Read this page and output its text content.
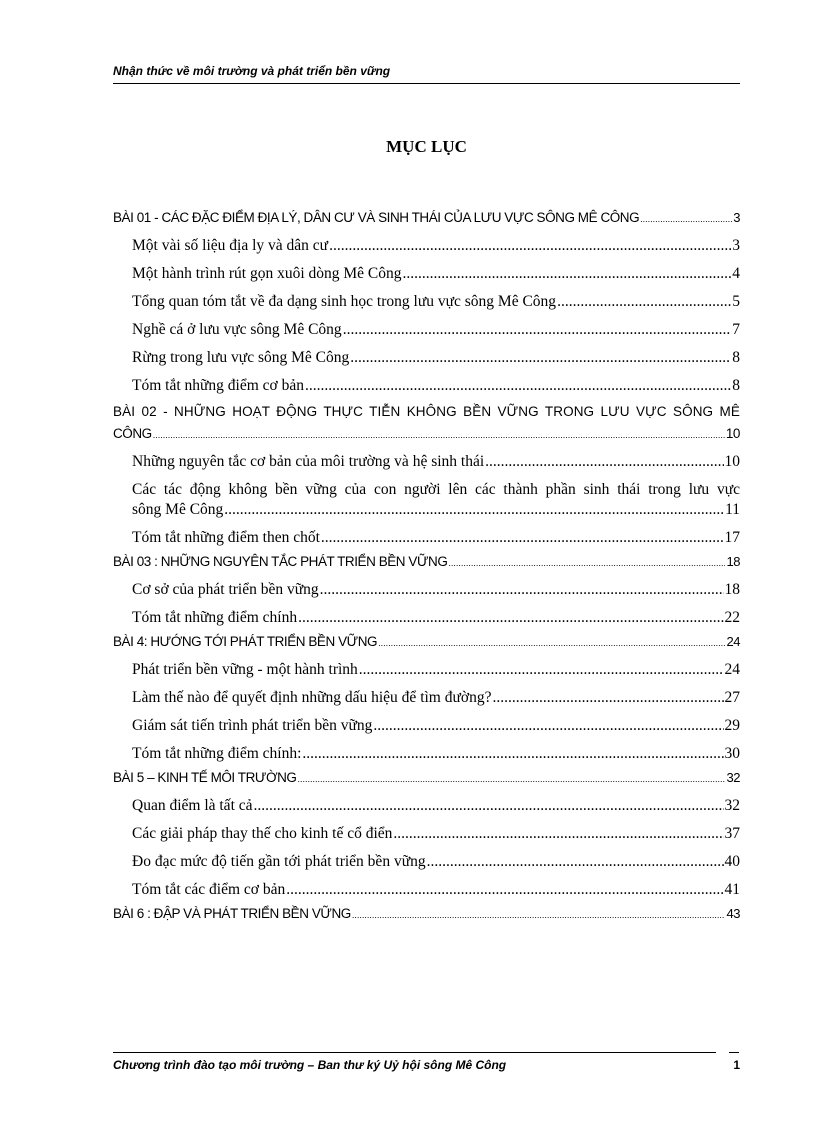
Nhận thức về môi trường và phát triển bền vững
MỤC LỤC
BÀI 01 - CÁC ĐẶC ĐIỂM ĐỊA LÝ, DÂN CƯ VÀ SINH THÁI CỦA LƯU VỰC SÔNG MÊ CÔNG .....	3
Một vài số liệu địa ly và dân cư .....	3
Một hành trình rút gọn xuôi dòng Mê Công .....	4
Tổng quan tóm tắt về đa dạng sinh học trong lưu vực sông Mê Công .....	5
Nghề cá ở lưu vực sông Mê Công .....	7
Rừng trong lưu vực sông Mê Công .....	8
Tóm tắt những điểm cơ bản .....	8
BÀI 02 - NHỮNG HOẠT ĐỘNG THỰC TIỄN KHÔNG BỀN VỮNG TRONG LƯU VỰC SÔNG MÊ
CÔNG .....	10
Những nguyên tắc cơ bản của môi trường và hệ sinh thái .....	10
Các tác động không bền vững của con người lên các thành phần sinh thái trong lưu vực
sông Mê Công .....	11
Tóm tắt những điểm then chốt .....	17
BÀI 03 : NHỮNG NGUYÊN TẮC PHÁT TRIỂN BỀN VỮNG .....	18
Cơ sở của phát triển bền vững .....	18
Tóm tắt những điểm chính .....	22
BÀI 4: HƯỚNG TỚI PHÁT TRIỂN BỀN VỮNG .....	24
Phát triển bền vững - một hành trình .....	24
Làm thế nào để quyết định những dấu hiệu để tìm đường? .....	27
Giám sát tiến trình phát triển bền vững .....	29
Tóm tắt những điểm chính: .....	30
BÀI 5 – KINH TẾ MÔI TRƯỜNG .....	32
Quan điểm là tất cả .....	32
Các giải pháp thay thế cho kinh tế cổ điển .....	37
Đo đạc mức độ tiến gần tới phát triển bền vững .....	40
Tóm tắt các điểm cơ bản .....	41
BÀI 6 : ĐẬP VÀ PHÁT TRIỂN BỀN VỮNG .....	43
Chương trình đào tạo môi trường – Ban thư ký Uỷ hội sông Mê Công	1
